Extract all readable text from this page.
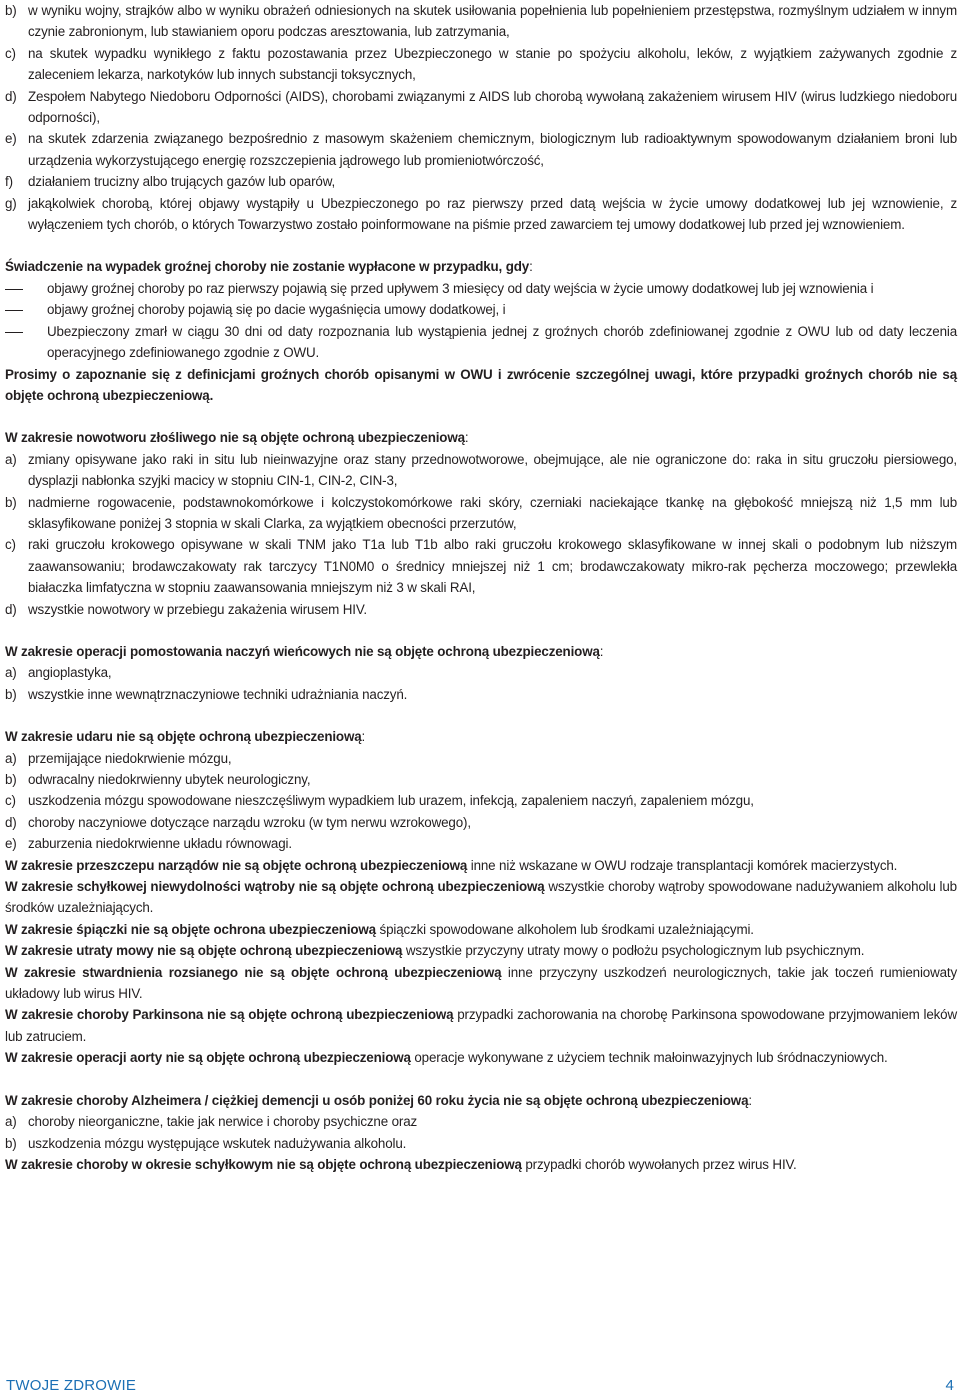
b) w wyniku wojny, strajków albo w wyniku obrażeń odniesionych na skutek usiłowania popełnienia lub popełnieniem przestępstwa, rozmyślnym udziałem w innym czynie zabronionym, lub stawianiem oporu podczas aresztowania, lub zatrzymania,
c) na skutek wypadku wynikłego z faktu pozostawania przez Ubezpieczonego w stanie po spożyciu alkoholu, leków, z wyjątkiem zażywanych zgodnie z zaleceniem lekarza, narkotyków lub innych substancji toksycznych,
d) Zespołem Nabytego Niedoboru Odporności (AIDS), chorobami związanymi z AIDS lub chorobą wywołaną zakażeniem wirusem HIV (wirus ludzkiego niedoboru odporności),
e) na skutek zdarzenia związanego bezpośrednio z masowym skażeniem chemicznym, biologicznym lub radioaktywnym spowodowanym działaniem broni lub urządzenia wykorzystującego energię rozszczepienia jądrowego lub promieniotwórczość,
f) działaniem trucizny albo trujących gazów lub oparów,
g) jakąkolwiek chorobą, której objawy wystąpiły u Ubezpieczonego po raz pierwszy przed datą wejścia w życie umowy dodatkowej lub jej wznowienie, z wyłączeniem tych chorób, o których Towarzystwo zostało poinformowane na piśmie przed zawarciem tej umowy dodatkowej lub przed jej wznowieniem.

Świadczenie na wypadek groźnej choroby nie zostanie wypłacone w przypadku, gdy:

objawy groźnej choroby po raz pierwszy pojawią się przed upływem 3 miesięcy od daty wejścia w życie umowy dodatkowej lub jej wznowienia i
objawy groźnej choroby pojawią się po dacie wygaśnięcia umowy dodatkowej, i
Ubezpieczony zmarł w ciągu 30 dni od daty rozpoznania lub wystąpienia jednej z groźnych chorób zdefiniowanej zgodnie z OWU lub od daty leczenia operacyjnego zdefiniowanego zgodnie z OWU.

Prosimy o zapoznanie się z definicjami groźnych chorób opisanymi w OWU i zwrócenie szczególnej uwagi, które przypadki groźnych chorób nie są objęte ochroną ubezpieczeniową.

W zakresie nowotworu złośliwego nie są objęte ochroną ubezpieczeniową:

a) zmiany opisywane jako raki in situ lub nieinwazyjne oraz stany przednowotworowe, obejmujące, ale nie ograniczone do: raka in situ gruczołu piersiowego, dysplazji nabłonka szyjki macicy w stopniu CIN-1, CIN-2, CIN-3,
b) nadmierne rogowacenie, podstawnokomórkowe i kolczystokomórkowe raki skóry, czerniaki naciekające tkankę na głębokość mniejszą niż 1,5 mm lub sklasyfikowane poniżej 3 stopnia w skali Clarka, za wyjątkiem obecności przerzutów,
c) raki gruczołu krokowego opisywane w skali TNM jako T1a lub T1b albo raki gruczołu krokowego sklasyfikowane w innej skali o podobnym lub niższym zaawansowaniu; brodawczakowaty rak tarczycy T1N0M0 o średnicy mniejszej niż 1 cm; brodawczakowaty mikro-rak pęcherza moczowego; przewlekła białaczka limfatyczna w stopniu zaawansowania mniejszym niż 3 w skali RAI,
d) wszystkie nowotwory w przebiegu zakażenia wirusem HIV.

W zakresie operacji pomostowania naczyń wieńcowych nie są objęte ochroną ubezpieczeniową:

a) angioplastyka,
b) wszystkie inne wewnątrznaczyniowe techniki udrażniania naczyń.

W zakresie udaru nie są objęte ochroną ubezpieczeniową:

a) przemijające niedokrwienie mózgu,
b) odwracalny niedokrwienny ubytek neurologiczny,
c) uszkodzenia mózgu spowodowane nieszczęśliwym wypadkiem lub urazem, infekcją, zapaleniem naczyń, zapaleniem mózgu,
d) choroby naczyniowe dotyczące narządu wzroku (w tym nerwu wzrokowego),
e) zaburzenia niedokrwienne układu równowagi.

W zakresie przeszczepu narządów nie są objęte ochroną ubezpieczeniową inne niż wskazane w OWU rodzaje transplantacji komórek macierzystych.

W zakresie schyłkowej niewydolności wątroby nie są objęte ochroną ubezpieczeniową wszystkie choroby wątroby spowodowane nadużywaniem alkoholu lub środków uzależniających.

W zakresie śpiączki nie są objęte ochrona ubezpieczeniową śpiączki spowodowane alkoholem lub środkami uzależniającymi.

W zakresie utraty mowy nie są objęte ochroną ubezpieczeniową wszystkie przyczyny utraty mowy o podłożu psychologicznym lub psychicznym.

W zakresie stwardnienia rozsianego nie są objęte ochroną ubezpieczeniową inne przyczyny uszkodzeń neurologicznych, takie jak toczeń rumieniowaty układowy lub wirus HIV.

W zakresie choroby Parkinsona nie są objęte ochroną ubezpieczeniową przypadki zachorowania na chorobę Parkinsona spowodowane przyjmowaniem leków lub zatruciem.

W zakresie operacji aorty nie są objęte ochroną ubezpieczeniową operacje wykonywane z użyciem technik małoinwazyjnych lub śródnaczyniowych.

W zakresie choroby Alzheimera / ciężkiej demencji u osób poniżej 60 roku życia nie są objęte ochroną ubezpieczeniową:

a) choroby nieorganiczne, takie jak nerwice i choroby psychiczne oraz
b) uszkodzenia mózgu występujące wskutek nadużywania alkoholu.

W zakresie choroby w okresie schyłkowym nie są objęte ochroną ubezpieczeniową przypadki chorób wywołanych przez wirus HIV.

TWOJE ZDROWIE	4
